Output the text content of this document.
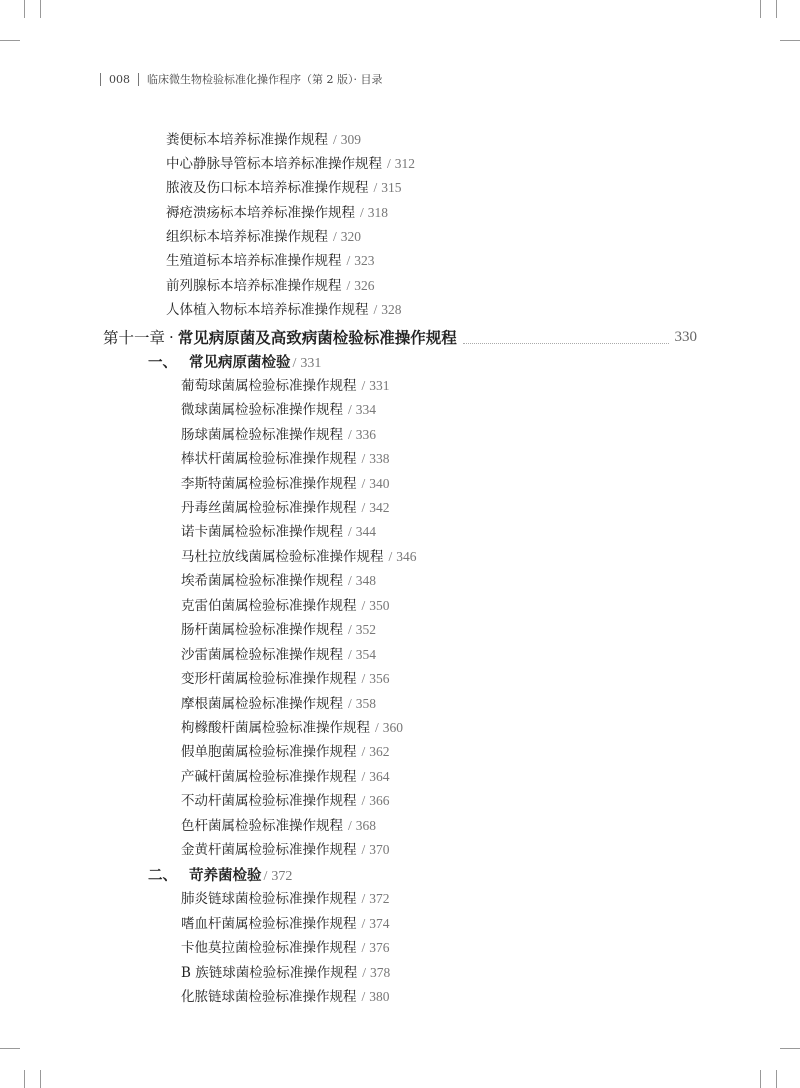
008 临床微生物检验标准化操作程序（第 2 版）· 目录
粪便标本培养标准操作规程 / 309
中心静脉导管标本培养标准操作规程 / 312
脓液及伤口标本培养标准操作规程 / 315
褥疮溃疡标本培养标准操作规程 / 318
组织标本培养标准操作规程 / 320
生殖道标本培养标准操作规程 / 323
前列腺标本培养标准操作规程 / 326
人体植入物标本培养标准操作规程 / 328
第十一章 · 常见病原菌及高致病菌检验标准操作规程	330
一、 常见病原菌检验 / 331
葡萄球菌属检验标准操作规程 / 331
微球菌属检验标准操作规程 / 334
肠球菌属检验标准操作规程 / 336
棒状杆菌属检验标准操作规程 / 338
李斯特菌属检验标准操作规程 / 340
丹毒丝菌属检验标准操作规程 / 342
诺卡菌属检验标准操作规程 / 344
马杜拉放线菌属检验标准操作规程 / 346
埃希菌属检验标准操作规程 / 348
克雷伯菌属检验标准操作规程 / 350
肠杆菌属检验标准操作规程 / 352
沙雷菌属检验标准操作规程 / 354
变形杆菌属检验标准操作规程 / 356
摩根菌属检验标准操作规程 / 358
枸橼酸杆菌属检验标准操作规程 / 360
假单胞菌属检验标准操作规程 / 362
产碱杆菌属检验标准操作规程 / 364
不动杆菌属检验标准操作规程 / 366
色杆菌属检验标准操作规程 / 368
金黄杆菌属检验标准操作规程 / 370
二、 苛养菌检验 / 372
肺炎链球菌检验标准操作规程 / 372
嗜血杆菌属检验标准操作规程 / 374
卡他莫拉菌检验标准操作规程 / 376
B 族链球菌检验标准操作规程 / 378
化脓链球菌检验标准操作规程 / 380
